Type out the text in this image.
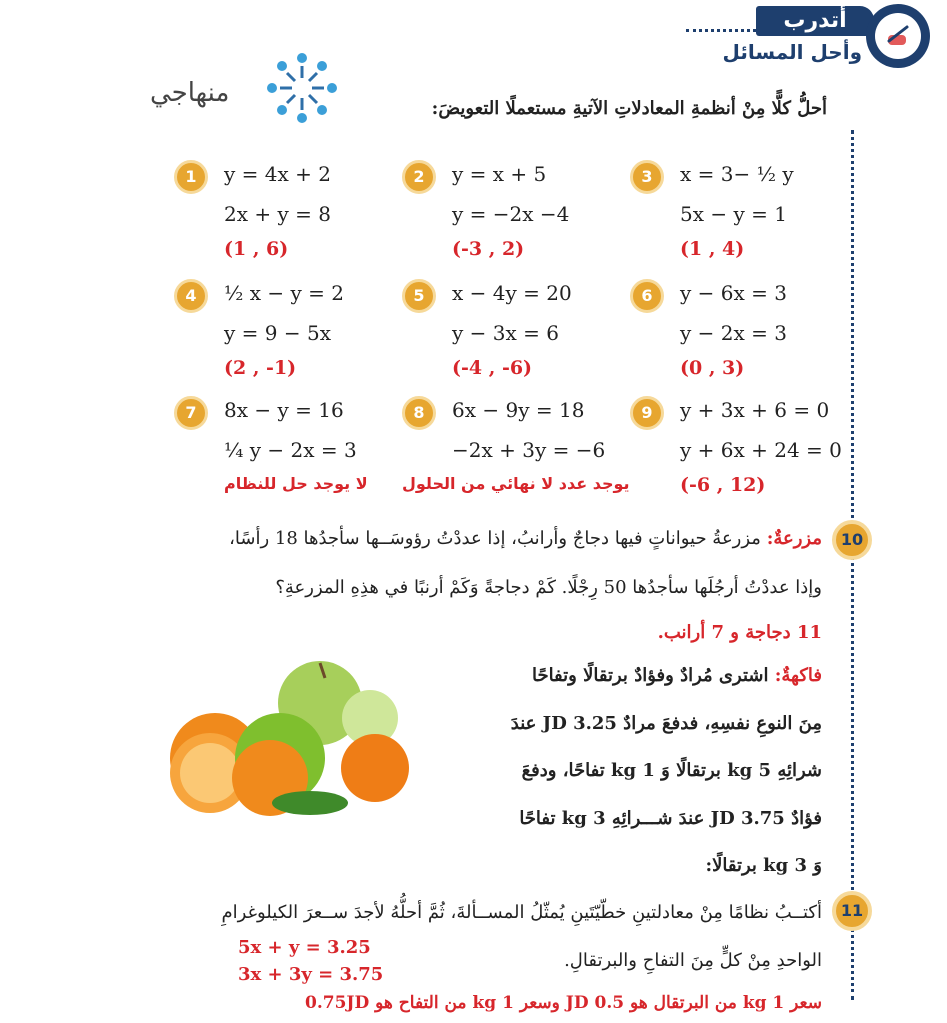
أتدرب
وأحل المسائل
منهاجي
أحلُّ كلًّا مِنْ أنظمةِ المعادلاتِ الآتيةِ مستعملًا التعويضَ:
1	y = 4x + 2
2x + y = 8
(1 , 6)
2	y = x + 5
y = −2x −4
(-3 , 2)
3	x = 3− ½ y
5x − y = 1
(1 , 4)
4	½ x − y = 2
y = 9 − 5x
(2 , -1)
5	x − 4y = 20
y − 3x = 6
(-4 , -6)
6	y − 6x = 3
y − 2x = 3
(0 , 3)
7	8x − y = 16
¼ y − 2x = 3
لا يوجد حل للنظام
8	6x − 9y = 18
−2x + 3y = −6
يوجد عدد لا نهائي من الحلول
9	y + 3x + 6 = 0
y + 6x + 24 = 0
(-6 , 12)
10
مزرعةٌ: مزرعةُ حيواناتٍ فيها دجاجٌ وأرانبُ، إذا عددْتُ رؤوسَــها سأجدُها 18 رأسًا،
وإذا عددْتُ أرجُلَها سأجدُها 50 رِجْلًا. كَمْ دجاجةً وَكَمْ أرنبًا في هذِهِ المزرعةِ؟
11 دجاجة و 7 أرانب.
فاكهةٌ: اشترى مُرادٌ وفؤادٌ برتقالًا وتفاحًا
مِنَ النوعِ نفسِهِ، فدفعَ مرادٌ JD 3.25 عندَ
شرائِهِ kg 5 برتقالًا وَ kg 1 تفاحًا، ودفعَ
فؤادٌ JD 3.75 عندَ شـــرائِهِ kg 3 تفاحًا
وَ kg 3 برتقالًا:
11
أكتــبُ نظامًا مِنْ معادلتينِ خطّيّتَينِ يُمثّلُ المســألةَ، ثُمَّ أحلُّهُ لأجدَ ســعرَ الكيلوغرامِ
الواحدِ مِنْ كلٍّ مِنَ التفاحِ والبرتقالِ.
5x + y = 3.25
3x + 3y = 3.75
سعر 1 kg من البرتقال هو JD 0.5 وسعر 1 kg من التفاح هو 0.75JD
